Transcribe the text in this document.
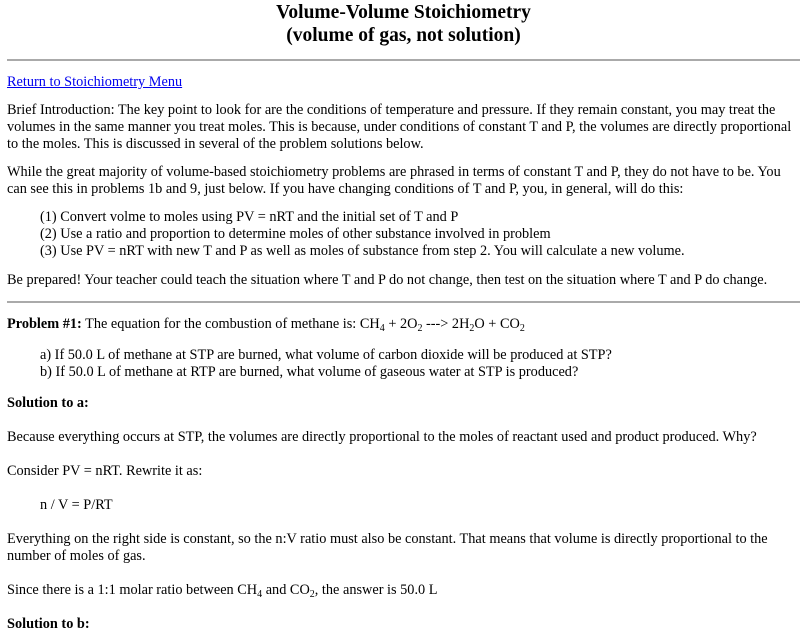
Volume-Volume Stoichiometry
(volume of gas, not solution)

Return to Stoichiometry Menu

Brief Introduction: The key point to look for are the conditions of temperature and pressure. If they remain constant, you may treat the volumes in the same manner you treat moles. This is because, under conditions of constant T and P, the volumes are directly proportional to the moles. This is discussed in several of the problem solutions below.

While the great majority of volume-based stoichiometry problems are phrased in terms of constant T and P, they do not have to be. You can see this in problems 1b and 9, just below. If you have changing conditions of T and P, you, in general, will do this:

(1) Convert volme to moles using PV = nRT and the initial set of T and P
(2) Use a ratio and proportion to determine moles of other substance involved in problem
(3) Use PV = nRT with new T and P as well as moles of substance from step 2. You will calculate a new volume.

Be prepared! Your teacher could teach the situation where T and P do not change, then test on the situation where T and P do change.

Problem #1: The equation for the combustion of methane is: $CH_4 + 2O_2$ ---> $2H_2O + CO_2$

a) If 50.0 L of methane at STP are burned, what volume of carbon dioxide will be produced at STP?
b) If 50.0 L of methane at RTP are burned, what volume of gaseous water at STP is produced?

Solution to a:

Because everything occurs at STP, the volumes are directly proportional to the moles of reactant used and product produced. Why?

Consider PV = nRT. Rewrite it as:

n / V = P/RT

Everything on the right side is constant, so the n:V ratio must also be constant. That means that volume is directly proportional to the number of moles of gas.

Since there is a 1:1 molar ratio between $CH_4$ and $CO_2$, the answer is 50.0 L

Solution to b:
